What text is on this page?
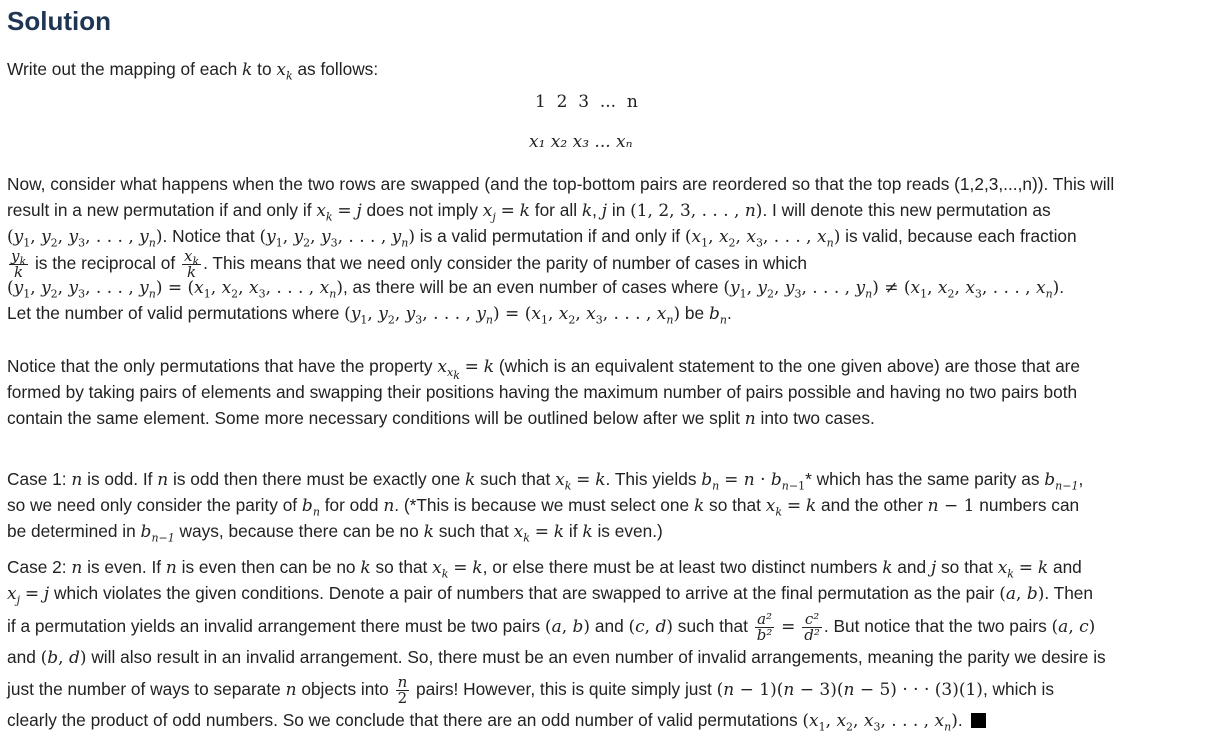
Solution

Write out the mapping of each k to $x_k$ as follows:

1  2  3  ...  n
x₁ x₂ x₃ ... xₙ
Now, consider what happens when the two rows are swapped (and the top-bottom pairs are reordered so that the top reads (1,2,3,...,n)). This will
result in a new permutation if and only if $x_k = j$ does not imply $x_j = k$ for all k, j in (1, 2, 3, . . . , n). I will denote this new permutation as
($y_1$, $y_2$, $y_3$, . . . , $y_n$). Notice that ($y_1$, $y_2$, $y_3$, . . . , $y_n$) is a valid permutation if and only if ($x_1$, $x_2$, $x_3$, . . . , $x_n$) is valid, because each fraction
$\frac{y_k}{k}$ is the reciprocal of $\frac{x_k}{k}$ . This means that we need only consider the parity of number of cases in which
($y_1$, $y_2$, $y_3$, . . . , $y_n) = (x_1$, $x_2$, $x_3$, . . . , $x_n$), as there will be an even number of cases where ($y_1$, $y_2$, $y_3$, . . . , $y_n) \ne (x_1$, $x_2$, $x_3$, . . . , $x_n$).
Let the number of valid permutations where ($y_1$, $y_2$, $y_3$, . . . , $y_n) = (x_1$, $x_2$, $x_3$, . . . , $x_n$) be $b_n$.
Notice that the only permutations that have the property $x_{x_k} = k$ (which is an equivalent statement to the one given above) are those that are
formed by taking pairs of elements and swapping their positions having the maximum number of pairs possible and having no two pairs both
contain the same element. Some more necessary conditions will be outlined below after we split n into two cases.
Case 1: n is odd. If n is odd then there must be exactly one k such that $x_k = k$. This yields $b_n = n \cdot b_{n-1}*$ which has the same parity as $b_{n-1}$,
so we need only consider the parity of $b_n$ for odd n. (*This is because we must select one k so that $x_k = k$ and the other n − 1 numbers can
be determined in $b_{n-1}$ ways, because there can be no k such that $x_k = k$ if k is even.)
Case 2: n is even. If n is even then can be no k so that $x_k = k$, or else there must be at least two distinct numbers k and j so that $x_k = k$ and
$x_j = j$ which violates the given conditions. Denote a pair of numbers that are swapped to arrive at the final permutation as the pair (a, b). Then
if a permutation yields an invalid arrangement there must be two pairs (a, b) and (c, d) such that $\frac{\text{a²}}{\text{b²}} = \frac{\text{c²}}{\text{d²}}$ . But notice that the two pairs (a, c)
and (b, d) will also result in an invalid arrangement. So, there must be an even number of invalid arrangements, meaning the parity we desire is
just the number of ways to separate n objects into $\frac{n}{2}$ pairs! However, this is quite simply just (n − 1)(n − 3)(n − 5) · · · (3)(1), which is
clearly the product of odd numbers. So we conclude that there are an odd number of valid permutations ($x_1$, $x_2$, $x_3$, . . . , $x_n$).
